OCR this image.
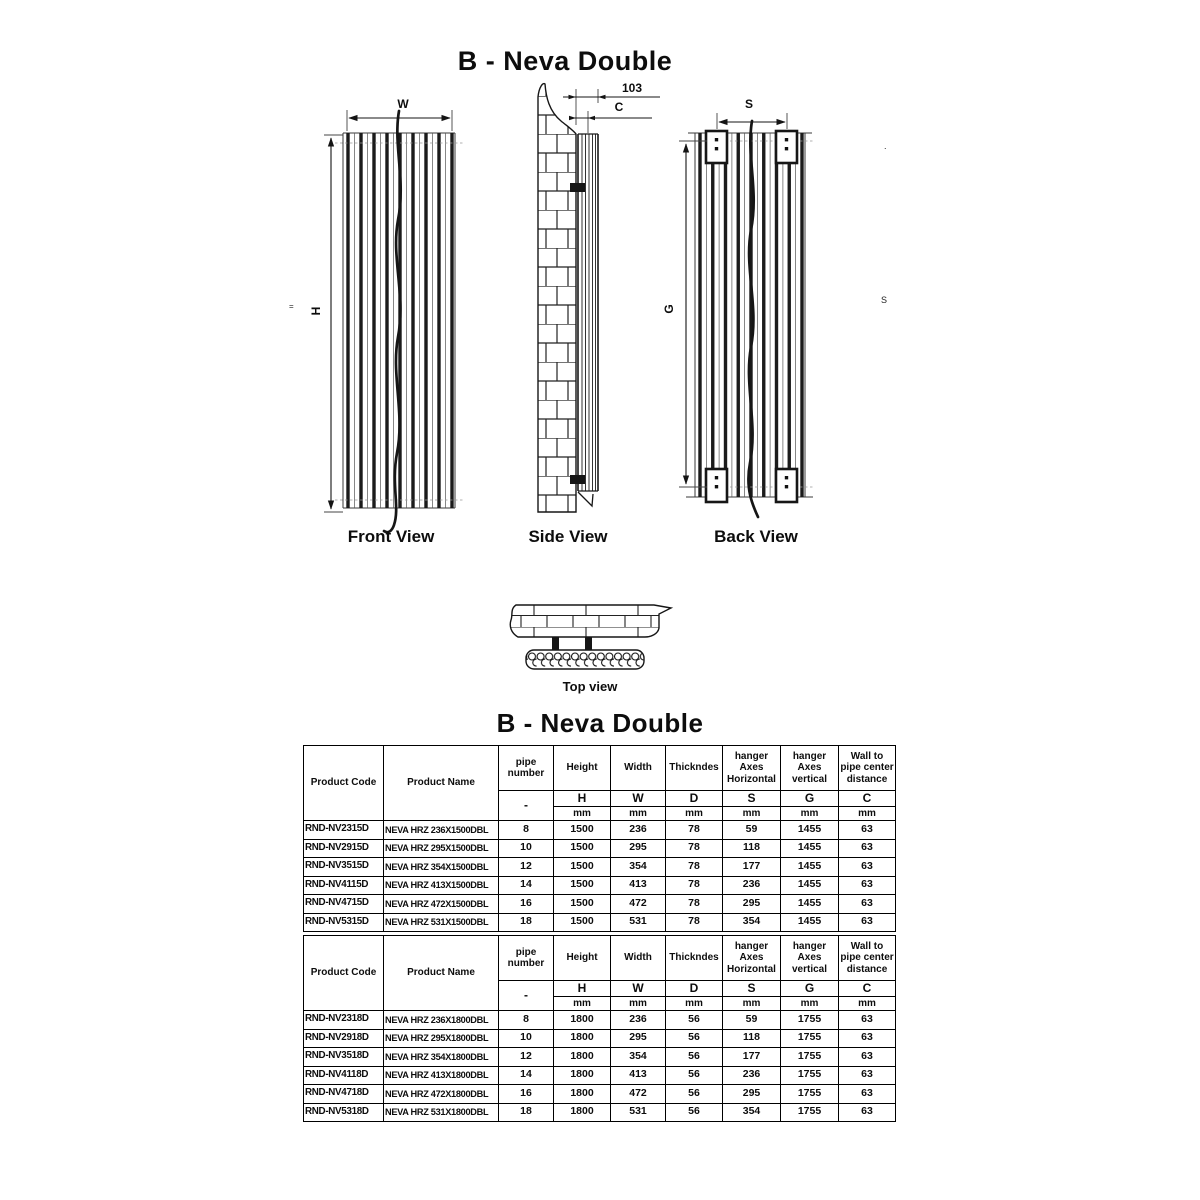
B - Neva Double
W
H
103
C	S
G
Front View	Side View	Back View
Top view
.
S
=
B - Neva Double
Product Code	Product Name	pipe number	Height	Width	Thickndes	hanger Axes Horizontal	hanger Axes vertical	Wall to pipe center distance
		-	H	W	D	S	G	C
			mm	mm	mm	mm	mm	mm
RND-NV2315D	NEVA HRZ 236X1500DBL	8	1500	236	78	59	1455	63
RND-NV2915D	NEVA HRZ 295X1500DBL	10	1500	295	78	118	1455	63
RND-NV3515D	NEVA HRZ 354X1500DBL	12	1500	354	78	177	1455	63
RND-NV4115D	NEVA HRZ 413X1500DBL	14	1500	413	78	236	1455	63
RND-NV4715D	NEVA HRZ 472X1500DBL	16	1500	472	78	295	1455	63
RND-NV5315D	NEVA HRZ 531X1500DBL	18	1500	531	78	354	1455	63
Product Code	Product Name	pipe number	Height	Width	Thickndes	hanger Axes Horizontal	hanger Axes vertical	Wall to pipe center distance
		-	H	W	D	S	G	C
			mm	mm	mm	mm	mm	mm
RND-NV2318D	NEVA HRZ 236X1800DBL	8	1800	236	56	59	1755	63
RND-NV2918D	NEVA HRZ 295X1800DBL	10	1800	295	56	118	1755	63
RND-NV3518D	NEVA HRZ 354X1800DBL	12	1800	354	56	177	1755	63
RND-NV4118D	NEVA HRZ 413X1800DBL	14	1800	413	56	236	1755	63
RND-NV4718D	NEVA HRZ 472X1800DBL	16	1800	472	56	295	1755	63
RND-NV5318D	NEVA HRZ 531X1800DBL	18	1800	531	56	354	1755	63
